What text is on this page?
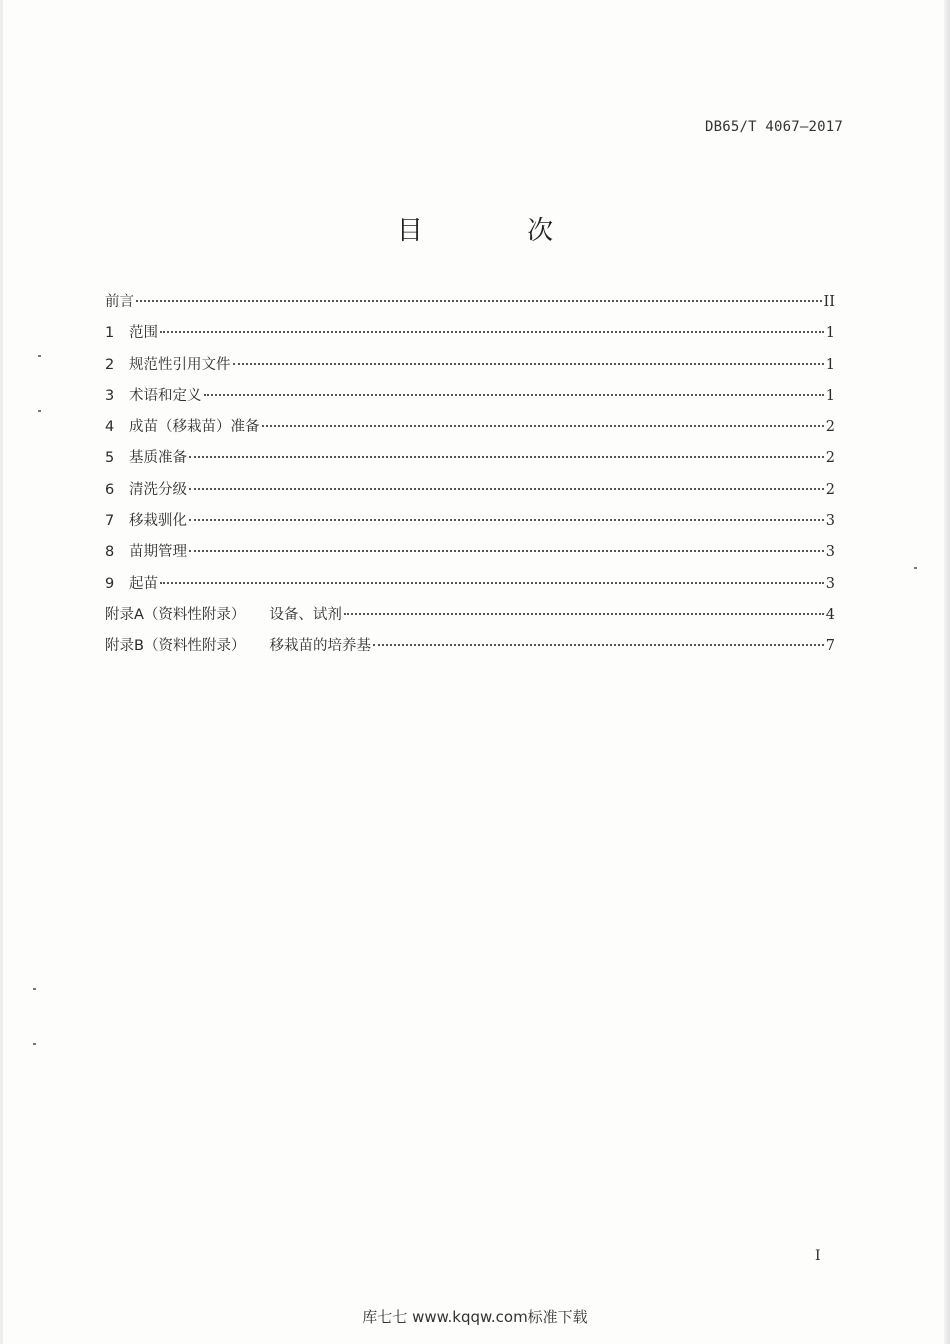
DB65/T 4067—2017
目 次
前言	II
1 范围	1
2 规范性引用文件	1
3 术语和定义	1
4 成苗（移栽苗）准备	2
5 基质准备	2
6 清洗分级	2
7 移栽驯化	3
8 苗期管理	3
9 起苗	3
附录A（资料性附录） 设备、试剂	4
附录B（资料性附录） 移栽苗的培养基	7
I
库七七 www.kqqw.com标准下载
